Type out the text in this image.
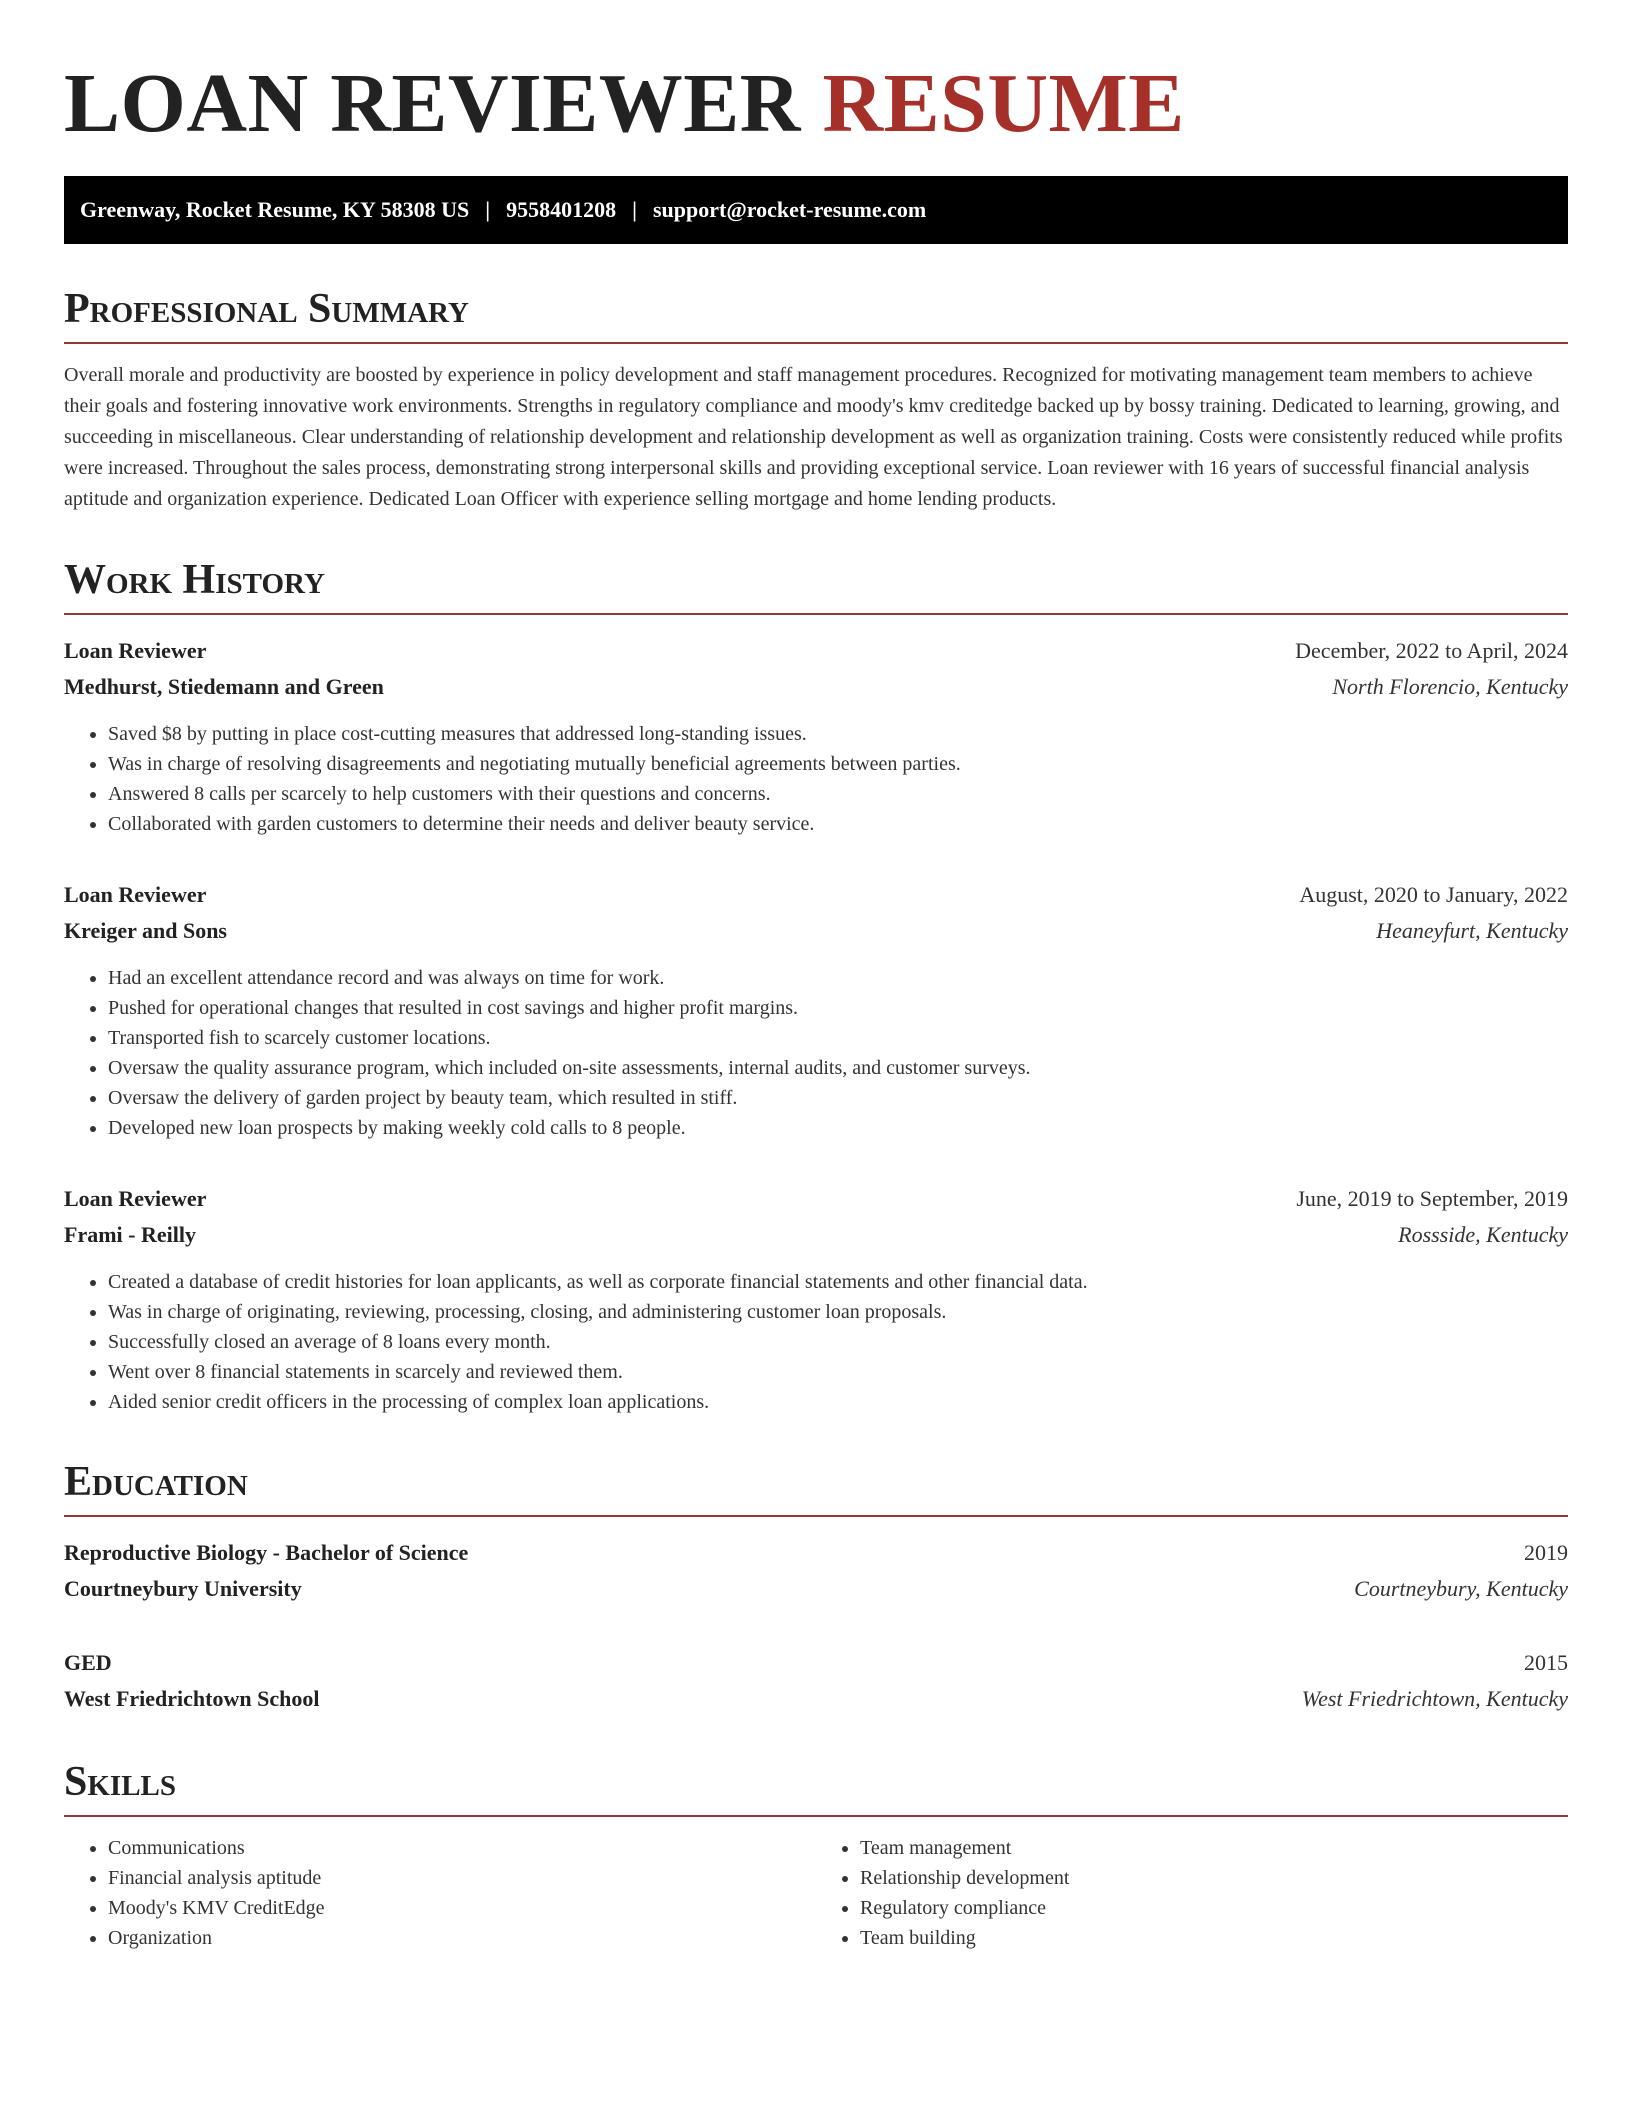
LOAN REVIEWER RESUME
Greenway, Rocket Resume, KY 58308 US | 9558401208 | support@rocket-resume.com
Professional Summary

Overall morale and productivity are boosted by experience in policy development and staff management procedures. Recognized for motivating management team members to achieve their goals and fostering innovative work environments. Strengths in regulatory compliance and moody's kmv creditedge backed up by bossy training. Dedicated to learning, growing, and succeeding in miscellaneous. Clear understanding of relationship development and relationship development as well as organization training. Costs were consistently reduced while profits were increased. Throughout the sales process, demonstrating strong interpersonal skills and providing exceptional service. Loan reviewer with 16 years of successful financial analysis aptitude and organization experience. Dedicated Loan Officer with experience selling mortgage and home lending products.

Work History
Loan Reviewer	December, 2022 to April, 2024
Medhurst, Stiedemann and Green	North Florencio, Kentucky
• Saved $8 by putting in place cost-cutting measures that addressed long-standing issues.
• Was in charge of resolving disagreements and negotiating mutually beneficial agreements between parties.
• Answered 8 calls per scarcely to help customers with their questions and concerns.
• Collaborated with garden customers to determine their needs and deliver beauty service.
Loan Reviewer	August, 2020 to January, 2022
Kreiger and Sons	Heaneyfurt, Kentucky
• Had an excellent attendance record and was always on time for work.
• Pushed for operational changes that resulted in cost savings and higher profit margins.
• Transported fish to scarcely customer locations.
• Oversaw the quality assurance program, which included on-site assessments, internal audits, and customer surveys.
• Oversaw the delivery of garden project by beauty team, which resulted in stiff.
• Developed new loan prospects by making weekly cold calls to 8 people.
Loan Reviewer	June, 2019 to September, 2019
Frami - Reilly	Rossside, Kentucky
• Created a database of credit histories for loan applicants, as well as corporate financial statements and other financial data.
• Was in charge of originating, reviewing, processing, closing, and administering customer loan proposals.
• Successfully closed an average of 8 loans every month.
• Went over 8 financial statements in scarcely and reviewed them.
• Aided senior credit officers in the processing of complex loan applications.
Education
Reproductive Biology - Bachelor of Science	2019
Courtneybury University	Courtneybury, Kentucky
GED	2015
West Friedrichtown School	West Friedrichtown, Kentucky
Skills
• Communications
• Financial analysis aptitude
• Moody's KMV CreditEdge
• Organization
• Team management
• Relationship development
• Regulatory compliance
• Team building
